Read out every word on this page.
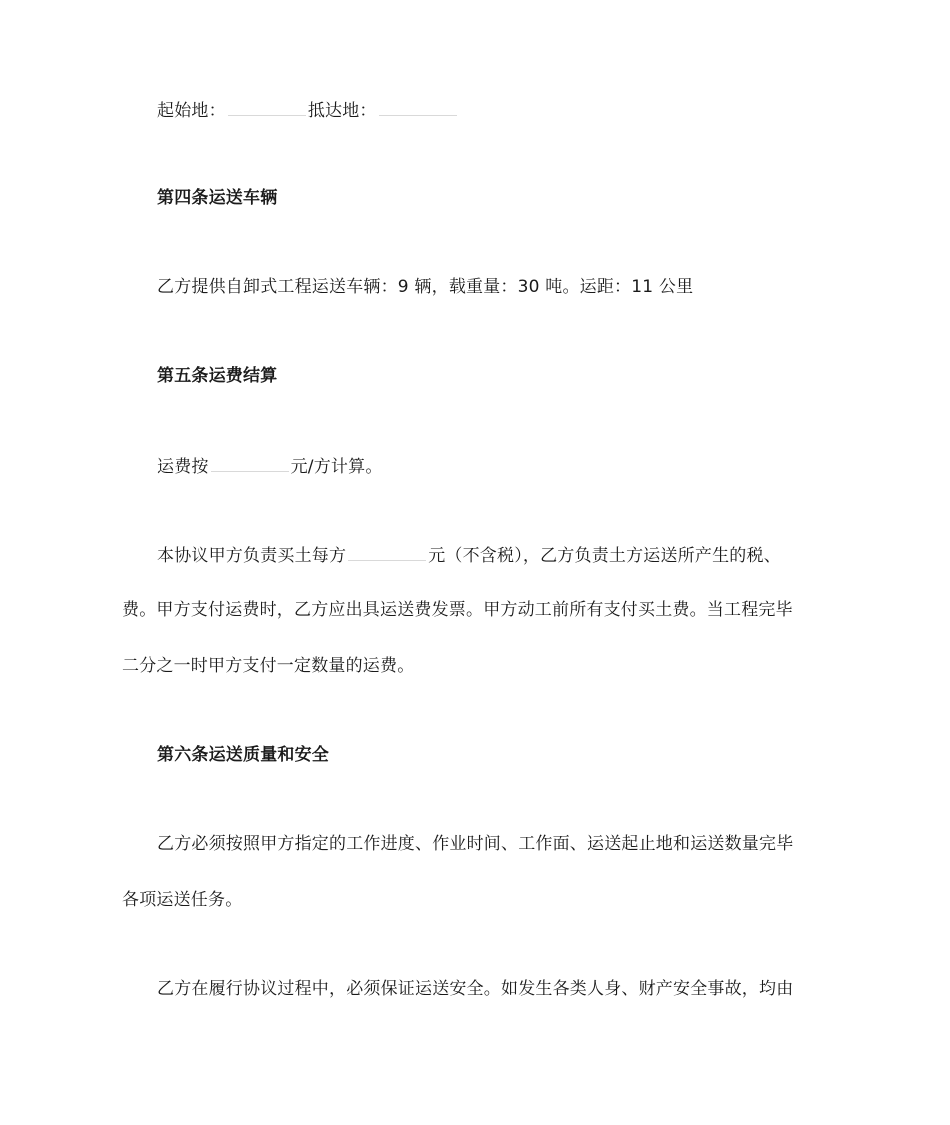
起始地：	抵达地：
第四条运送车辆
乙方提供自卸式工程运送车辆：9 辆，载重量：30 吨。运距：11 公里
第五条运费结算
运费按	元/方计算。
本协议甲方负责买土每方	元（不含税），乙方负责土方运送所产生的税、
费。甲方支付运费时，乙方应出具运送费发票。甲方动工前所有支付买土费。当工程完毕
二分之一时甲方支付一定数量的运费。
第六条运送质量和安全
乙方必须按照甲方指定的工作进度、作业时间、工作面、运送起止地和运送数量完毕
各项运送任务。
乙方在履行协议过程中，必须保证运送安全。如发生各类人身、财产安全事故，均由
